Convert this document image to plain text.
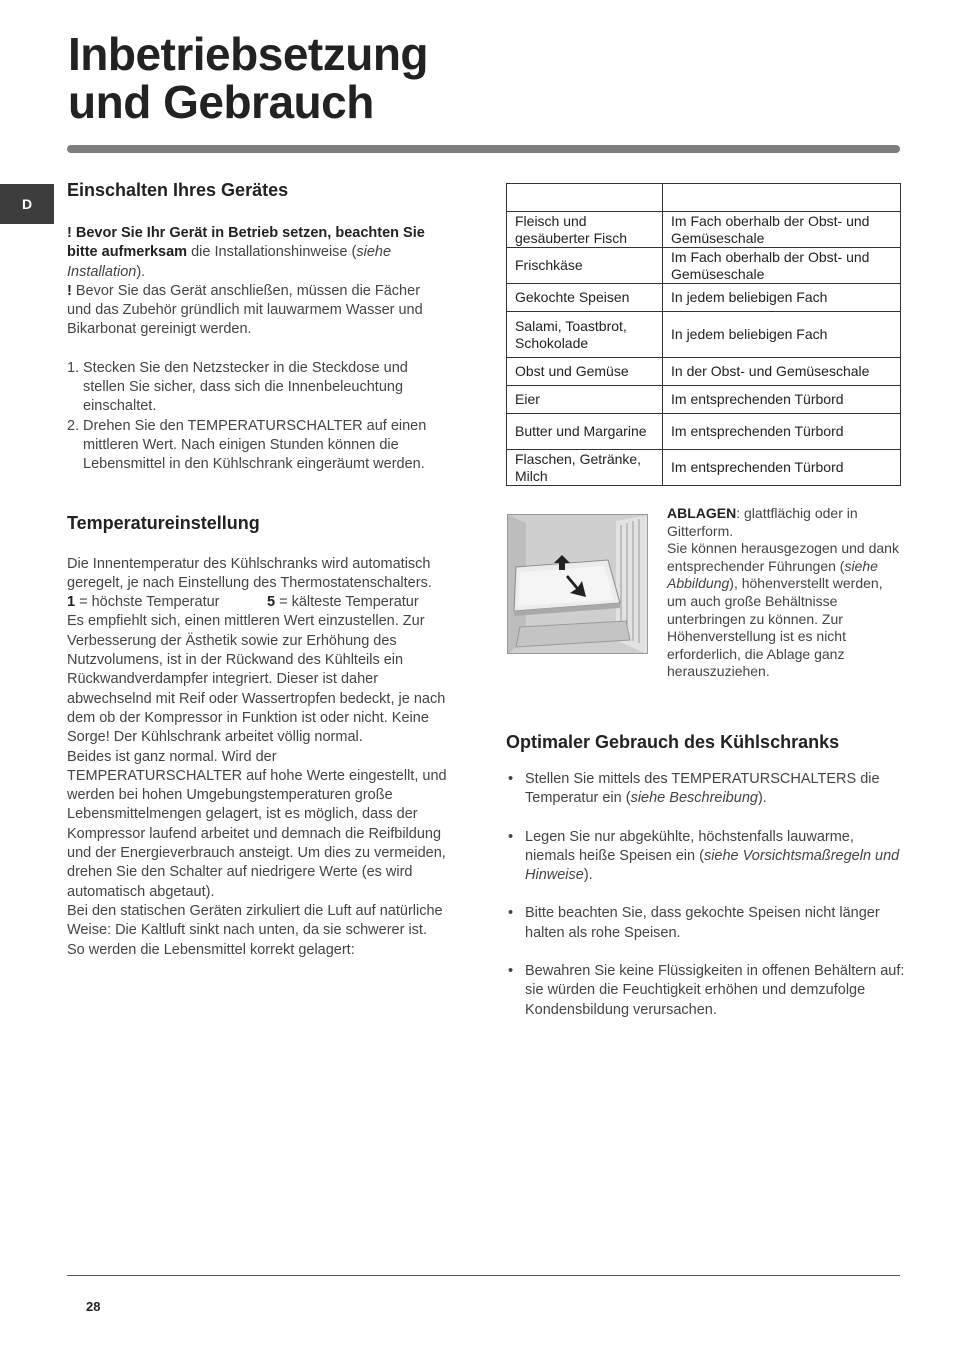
Inbetriebsetzung
und Gebrauch
D
Einschalten Ihres Gerätes

! Bevor Sie Ihr Gerät in Betrieb setzen, beachten Sie bitte aufmerksam die Installationshinweise (siehe Installation).

! Bevor Sie das Gerät anschließen, müssen die Fächer und das Zubehör gründlich mit lauwarmem Wasser und Bikarbonat gereinigt werden.

1. Stecken Sie den Netzstecker in die Steckdose und stellen Sie sicher, dass sich die Innenbeleuchtung einschaltet.
2. Drehen Sie den TEMPERATURSCHALTER auf einen mittleren Wert. Nach einigen Stunden können die Lebensmittel in den Kühlschrank eingeräumt werden.
Temperatureinstellung

Die Innentemperatur des Kühlschranks wird automatisch geregelt, je nach Einstellung des Thermostatenschalters.

1 = höchste Temperatur	5 = kälteste Temperatur

Es empfiehlt sich, einen mittleren Wert einzustellen. Zur Verbesserung der Ästhetik sowie zur Erhöhung des Nutzvolumens, ist in der Rückwand des Kühlteils ein Rückwandverdampfer integriert. Dieser ist daher abwechselnd mit Reif oder Wassertropfen bedeckt, je nach dem ob der Kompressor in Funktion ist oder nicht. Keine Sorge! Der Kühlschrank arbeitet völlig normal.

Beides ist ganz normal. Wird der TEMPERATURSCHALTER auf hohe Werte eingestellt, und werden bei hohen Umgebungstemperaturen große Lebensmittelmengen gelagert, ist es möglich, dass der Kompressor laufend arbeitet und demnach die Reifbildung und der Energieverbrauch ansteigt. Um dies zu vermeiden, drehen Sie den Schalter auf niedrigere Werte (es wird automatisch abgetaut).

Bei den statischen Geräten zirkuliert die Luft auf natürliche Weise: Die Kaltluft sinkt nach unten, da sie schwerer ist. So werden die Lebensmittel korrekt gelagert:

Fleisch und gesäuberter Fisch	Im Fach oberhalb der Obst- und Gemüseschale
Frischkäse	Im Fach oberhalb der Obst- und Gemüseschale
Gekochte Speisen	In jedem beliebigen Fach
Salami, Toastbrot, Schokolade	In jedem beliebigen Fach
Obst und Gemüse	In der Obst- und Gemüseschale
Eier	Im entsprechenden Türbord
Butter und Margarine	Im entsprechenden Türbord
Flaschen, Getränke, Milch	Im entsprechenden Türbord

ABLAGEN: glattflächig oder in Gitterform.

Sie können herausgezogen und dank entsprechender Führungen (siehe Abbildung), höhenverstellt werden, um auch große Behältnisse unterbringen zu können. Zur Höhenverstellung ist es nicht erforderlich, die Ablage ganz herauszuziehen.

Optimaler Gebrauch des Kühlschranks
• Stellen Sie mittels des TEMPERATURSCHALTERS die Temperatur ein (siehe Beschreibung).
• Legen Sie nur abgekühlte, höchstenfalls lauwarme, niemals heiße Speisen ein (siehe Vorsichtsmaßregeln und Hinweise).
• Bitte beachten Sie, dass gekochte Speisen nicht länger halten als rohe Speisen.
• Bewahren Sie keine Flüssigkeiten in offenen Behältern auf: sie würden die Feuchtigkeit erhöhen und demzufolge Kondensbildung verursachen.
28
